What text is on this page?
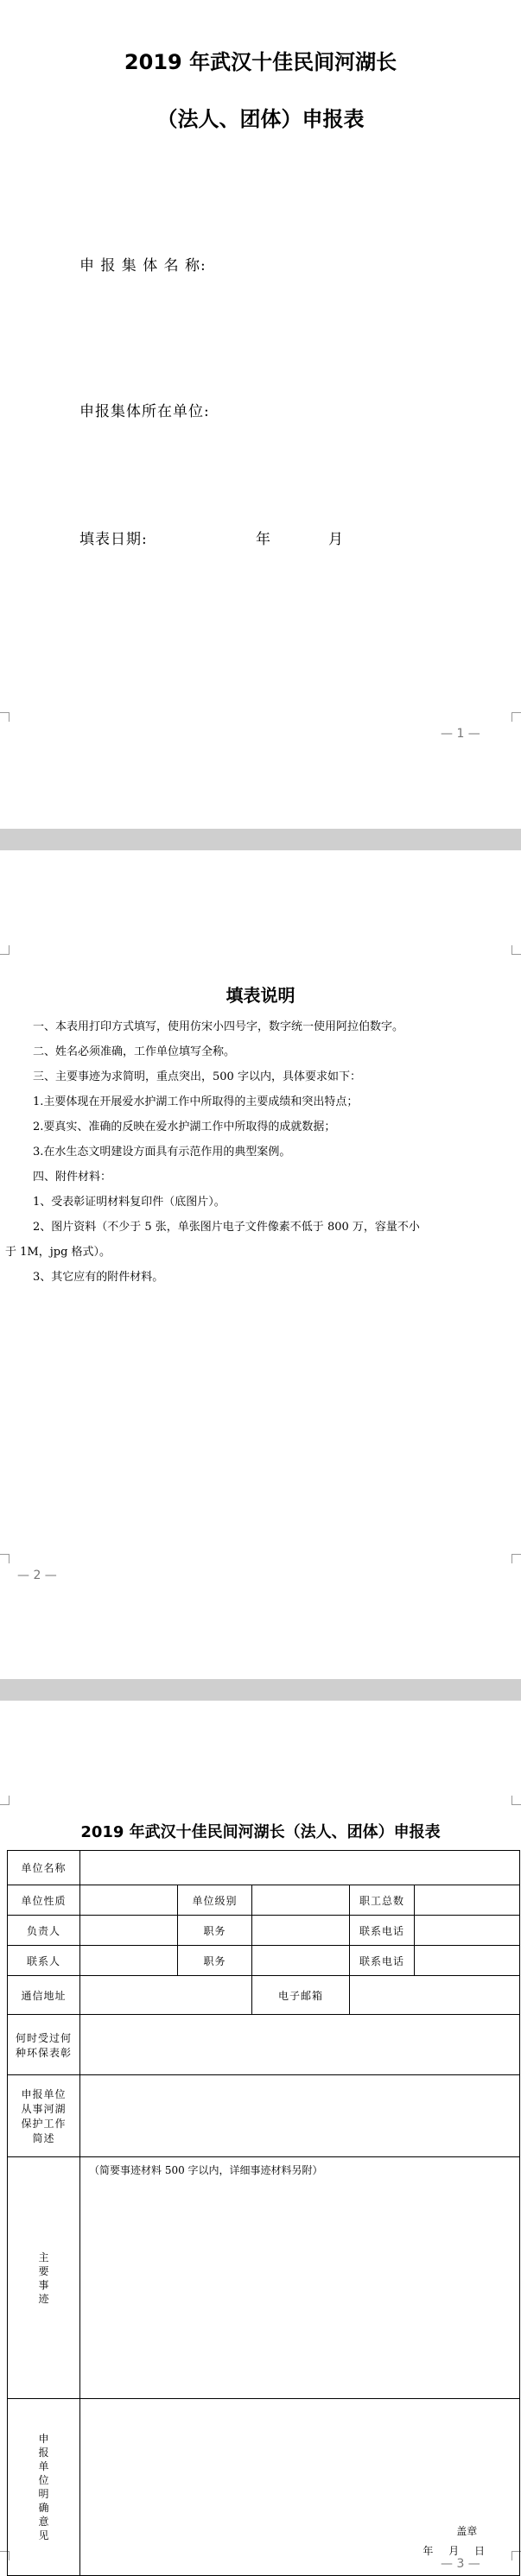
2019 年武汉十佳民间河湖长
（法人、团体）申报表
申 报 集 体 名 称:
申报集体所在单位:
填表日期:	年	月
— 1 —
填表说明
一、本表用打印方式填写，使用仿宋小四号字，数字统一使用阿拉伯数字。
二、姓名必须准确，工作单位填写全称。
三、主要事迹为求简明，重点突出，500 字以内，具体要求如下：
1.主要体现在开展爱水护湖工作中所取得的主要成绩和突出特点；
2.要真实、准确的反映在爱水护湖工作中所取得的成就数据；
3.在水生态文明建设方面具有示范作用的典型案例。
四、附件材料：
1、受表彰证明材料复印件（底图片）。
2、图片资料（不少于 5 张，单张图片电子文件像素不低于 800 万，容量不小
于 1M，jpg 格式）。
3、其它应有的附件材料。
— 2 —
2019 年武汉十佳民间河湖长（法人、团体）申报表
— 3 —
单位名称					
单位性质		单位级别		职工总数	
负责人		职务		联系电话	
联系人		职务		联系电话	
通信地址			电子邮箱		
何时受过何种环保表彰					
申报单位从事河湖保护工作简述					
主要事迹	（简要事迹材料 500 字以内，详细事迹材料另附）				
申报单位明确意见	盖章
年 月 日				
